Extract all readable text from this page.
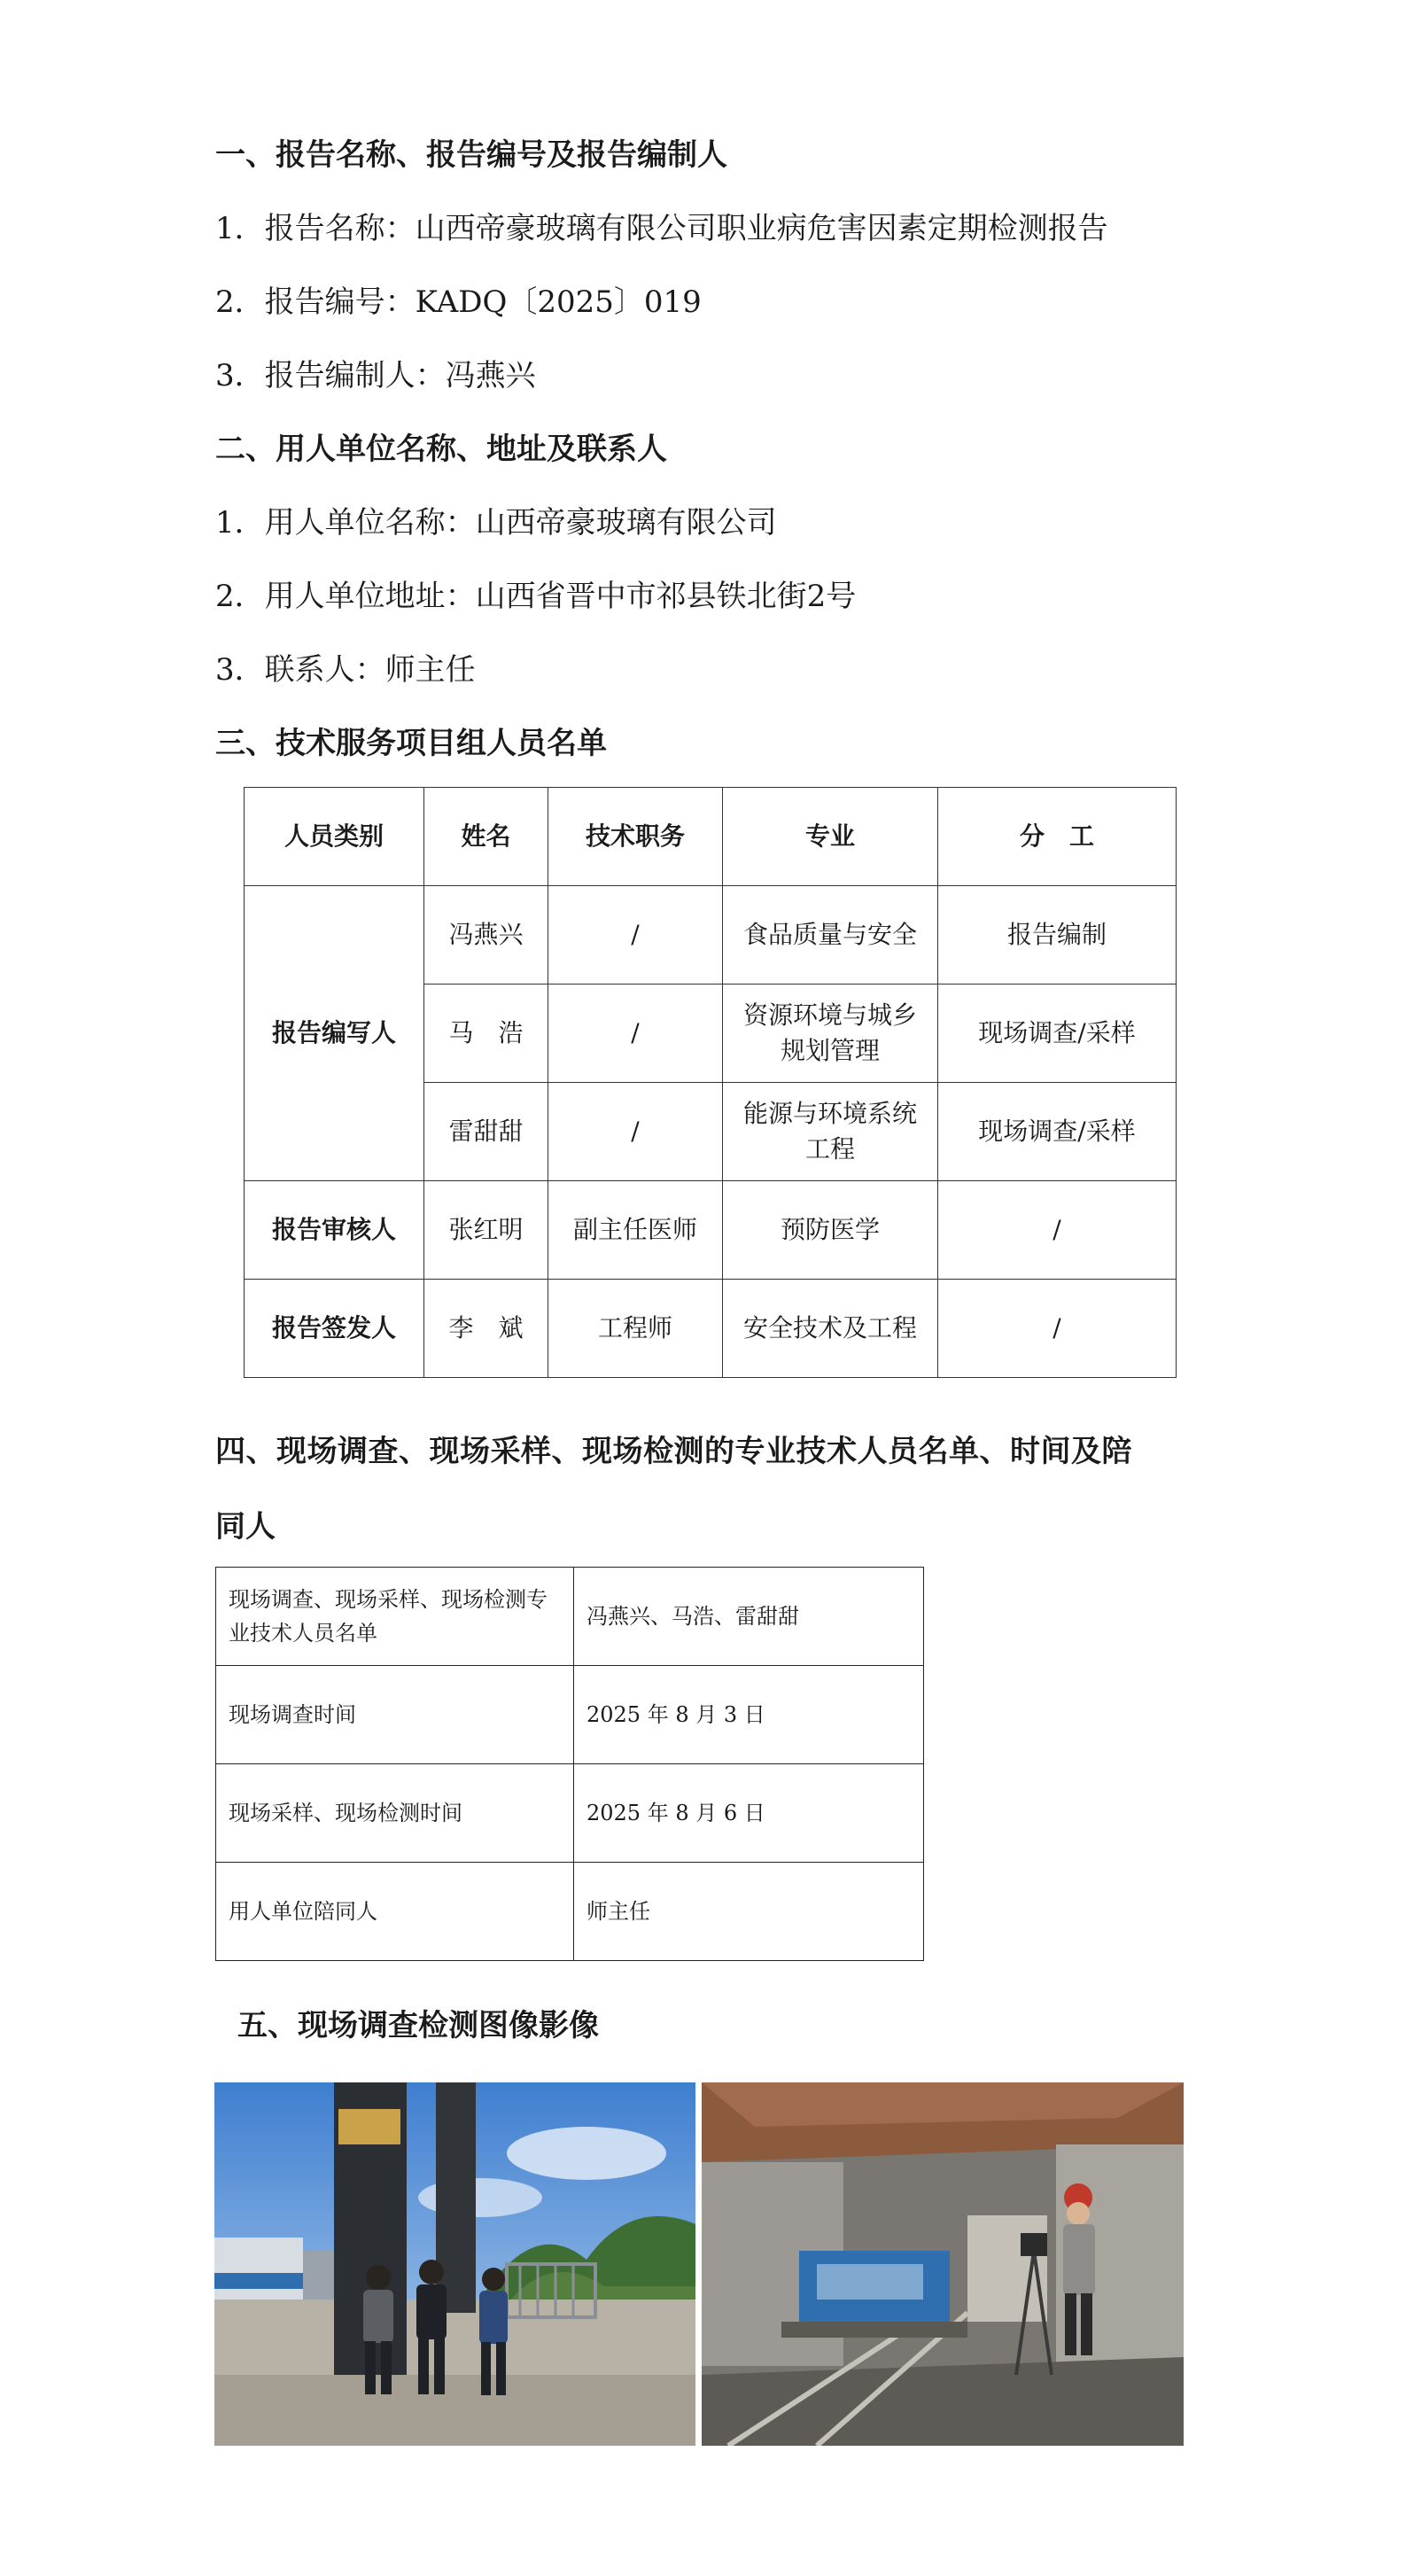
一、报告名称、报告编号及报告编制人
1．报告名称：山西帝豪玻璃有限公司职业病危害因素定期检测报告
2．报告编号：KADQ〔2025〕019
3．报告编制人：冯燕兴
二、用人单位名称、地址及联系人
1．用人单位名称：山西帝豪玻璃有限公司
2．用人单位地址：山西省晋中市祁县铁北街2号
3．联系人：师主任
三、技术服务项目组人员名单
人员类别	姓名	技术职务	专业	分　工
报告编写人	冯燕兴	/	食品质量与安全	报告编制
	马　浩	/	资源环境与城乡规划管理	现场调查/采样
	雷甜甜	/	能源与环境系统工程	现场调查/采样
报告审核人	张红明	副主任医师	预防医学	/
报告签发人	李　斌	工程师	安全技术及工程	/
四、现场调查、现场采样、现场检测的专业技术人员名单、时间及陪
同人
现场调查、现场采样、现场检测专业技术人员名单	冯燕兴、马浩、雷甜甜
现场调查时间	2025 年 8 月 3 日
现场采样、现场检测时间	2025 年 8 月 6 日
用人单位陪同人	师主任
五、现场调查检测图像影像
